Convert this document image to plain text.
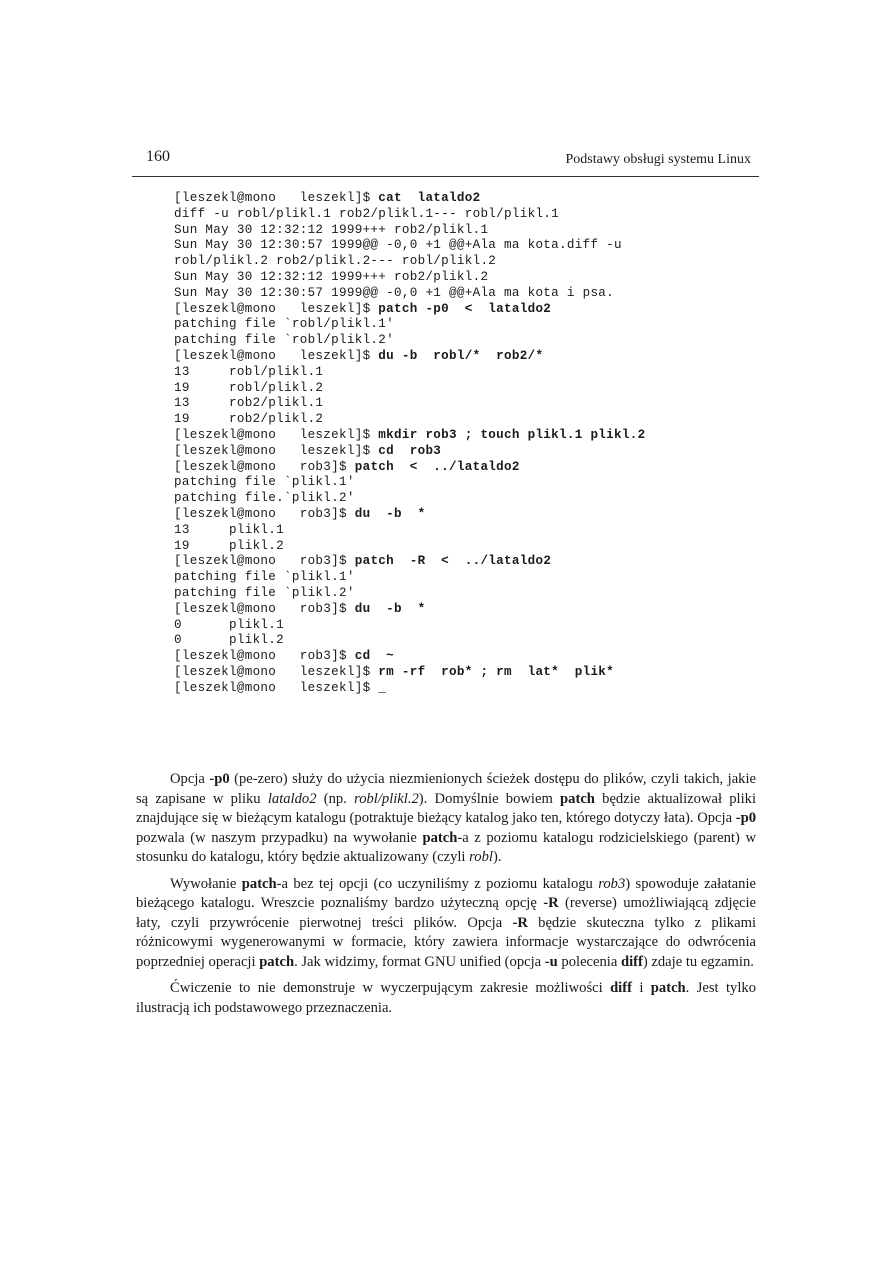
160	Podstawy obsługi systemu Linux
[leszekl@mono   leszekl]$ cat  lataldo2
diff -u robl/plikl.1 rob2/plikl.1--- robl/plikl.1
Sun May 30 12:32:12 1999+++ rob2/plikl.1
Sun May 30 12:30:57 1999@@ -0,0 +1 @@+Ala ma kota.diff -u
robl/plikl.2 rob2/plikl.2--- robl/plikl.2
Sun May 30 12:32:12 1999+++ rob2/plikl.2
Sun May 30 12:30:57 1999@@ -0,0 +1 @@+Ala ma kota i psa.
[leszekl@mono   leszekl]$ patch -p0  <  lataldo2
patching file `robl/plikl.1'
patching file `robl/plikl.2'
[leszekl@mono   leszekl]$ du -b  robl/*  rob2/*
13     robl/plikl.1
19     robl/plikl.2
13     rob2/plikl.1
19     rob2/plikl.2
[leszekl@mono   leszekl]$ mkdir rob3 ; touch plikl.1 plikl.2
[leszekl@mono   leszekl]$ cd  rob3
[leszekl@mono   rob3]$ patch  <  ../lataldo2
patching file `plikl.1'
patching file.`plikl.2'
[leszekl@mono   rob3]$ du  -b  *
13     plikl.1
19     plikl.2
[leszekl@mono   rob3]$ patch  -R  <  ../lataldo2
patching file `plikl.1'
patching file `plikl.2'
[leszekl@mono   rob3]$ du  -b  *
0      plikl.1
0      plikl.2
[leszekl@mono   rob3]$ cd  ~
[leszekl@mono   leszekl]$ rm -rf  rob* ; rm  lat*  plik*
[leszekl@mono   leszekl]$ _

Opcja -p0 (pe-zero) służy do użycia niezmienionych ścieżek dostępu do plików, czyli takich, jakie są zapisane w pliku lataldo2 (np. robl/plikl.2). Domyślnie bowiem patch będzie aktualizował pliki znajdujące się w bieżącym katalogu (potraktuje bieżący katalog jako ten, którego dotyczy łata). Opcja -p0 pozwala (w naszym przypadku) na wywołanie patch-a z poziomu katalogu rodzicielskiego (parent) w stosunku do katalogu, który będzie aktualizowany (czyli robl).

Wywołanie patch-a bez tej opcji (co uczyniliśmy z poziomu katalogu rob3) spowoduje załatanie bieżącego katalogu. Wreszcie poznaliśmy bardzo użyteczną opcję -R (reverse) umożliwiającą zdjęcie łaty, czyli przywrócenie pierwotnej treści plików. Opcja -R będzie skuteczna tylko z plikami różnicowymi wygenerowanymi w formacie, który zawiera informacje wystarczające do odwrócenia poprzedniej operacji patch. Jak widzimy, format GNU unified (opcja -u polecenia diff) zdaje tu egzamin.

Ćwiczenie to nie demonstruje w wyczerpującym zakresie możliwości diff i patch. Jest tylko ilustracją ich podstawowego przeznaczenia.
